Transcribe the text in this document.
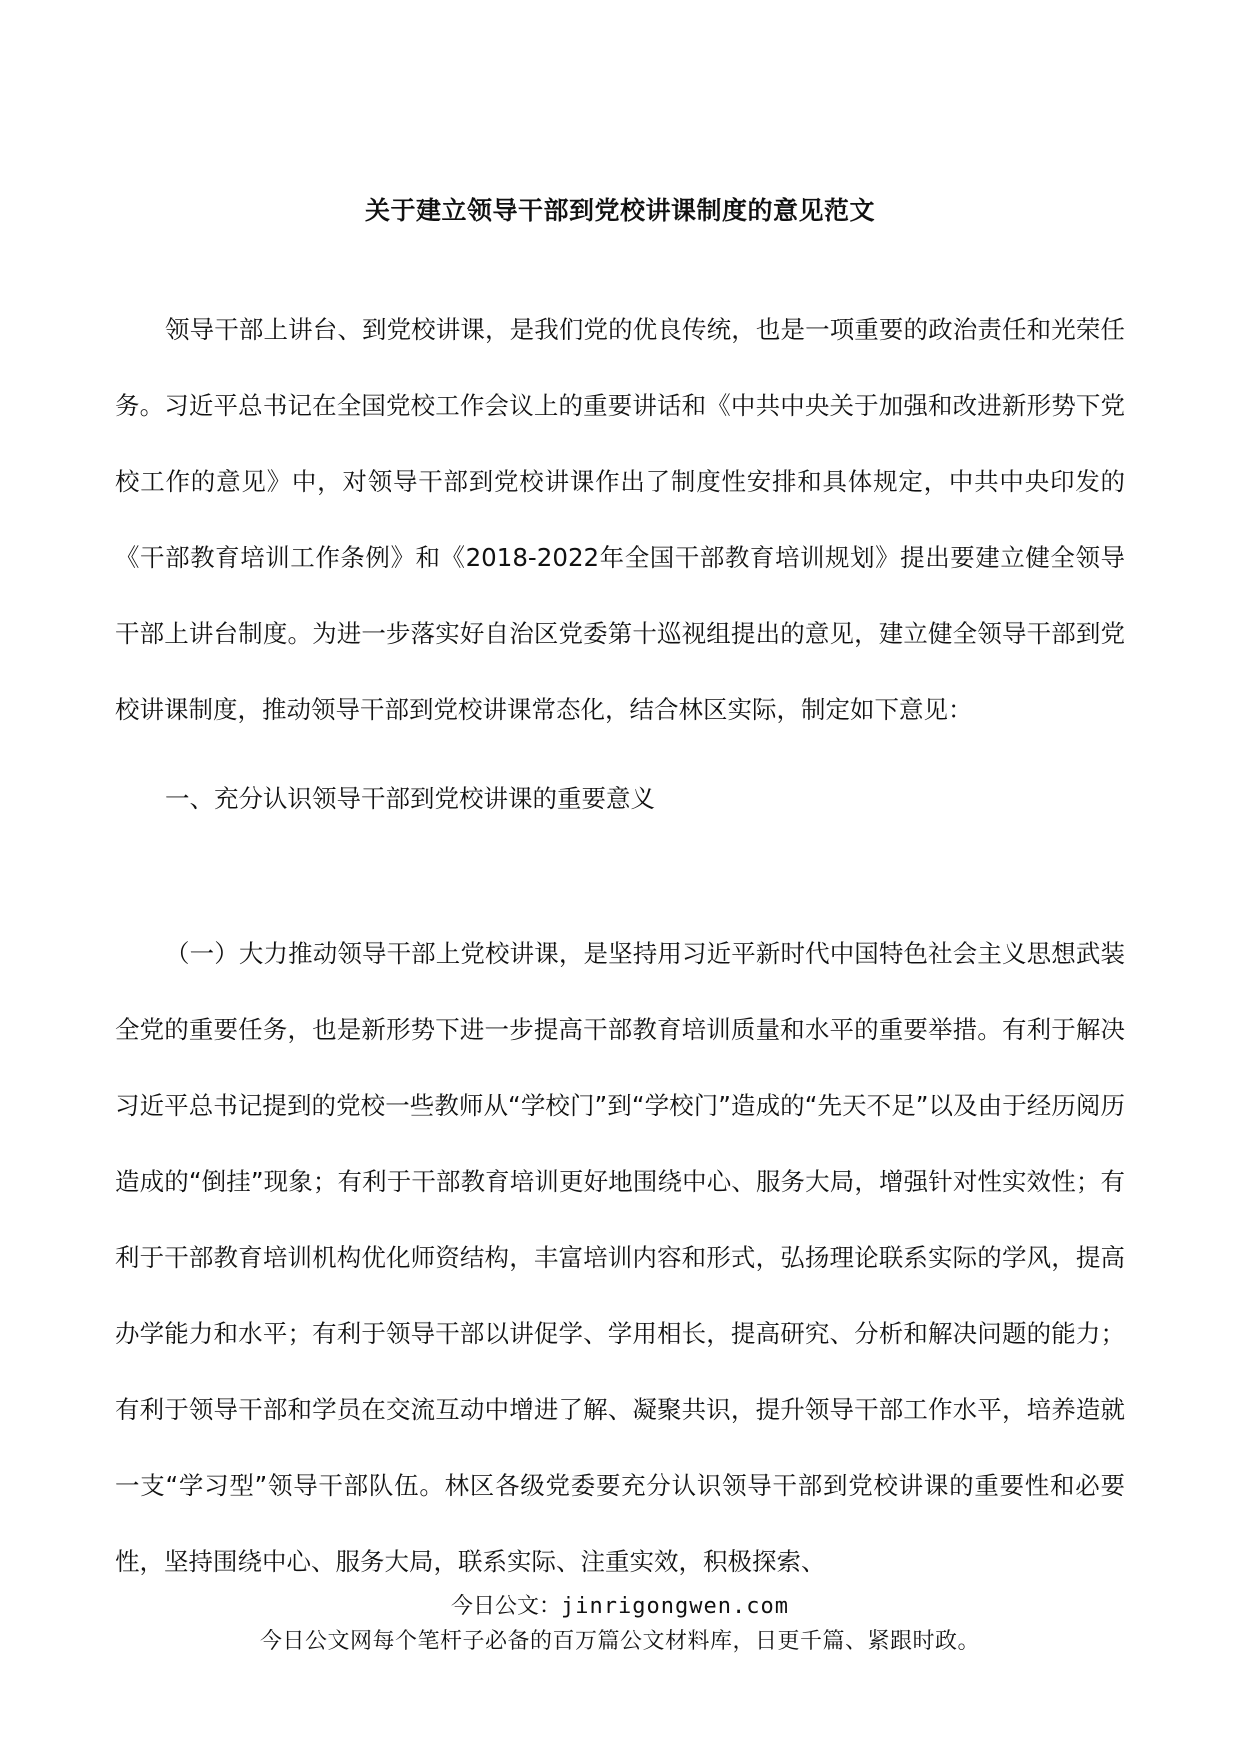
关于建立领导干部到党校讲课制度的意见范文

领导干部上讲台、到党校讲课，是我们党的优良传统，也是一项重要的政治责任和光荣任务。习近平总书记在全国党校工作会议上的重要讲话和《中共中央关于加强和改进新形势下党校工作的意见》中，对领导干部到党校讲课作出了制度性安排和具体规定，中共中央印发的《干部教育培训工作条例》和《2018-2022年全国干部教育培训规划》提出要建立健全领导干部上讲台制度。为进一步落实好自治区党委第十巡视组提出的意见，建立健全领导干部到党校讲课制度，推动领导干部到党校讲课常态化，结合林区实际，制定如下意见：

一、充分认识领导干部到党校讲课的重要意义

（一）大力推动领导干部上党校讲课，是坚持用习近平新时代中国特色社会主义思想武装全党的重要任务，也是新形势下进一步提高干部教育培训质量和水平的重要举措。有利于解决习近平总书记提到的党校一些教师从“学校门”到“学校门”造成的“先天不足”以及由于经历阅历造成的“倒挂”现象；有利于干部教育培训更好地围绕中心、服务大局，增强针对性实效性；有利于干部教育培训机构优化师资结构，丰富培训内容和形式，弘扬理论联系实际的学风，提高办学能力和水平；有利于领导干部以讲促学、学用相长，提高研究、分析和解决问题的能力；有利于领导干部和学员在交流互动中增进了解、凝聚共识，提升领导干部工作水平，培养造就一支“学习型”领导干部队伍。林区各级党委要充分认识领导干部到党校讲课的重要性和必要性，坚持围绕中心、服务大局，联系实际、注重实效，积极探索、

今日公文：jinrigongwen.com
今日公文网每个笔杆子必备的百万篇公文材料库，日更千篇、紧跟时政。
